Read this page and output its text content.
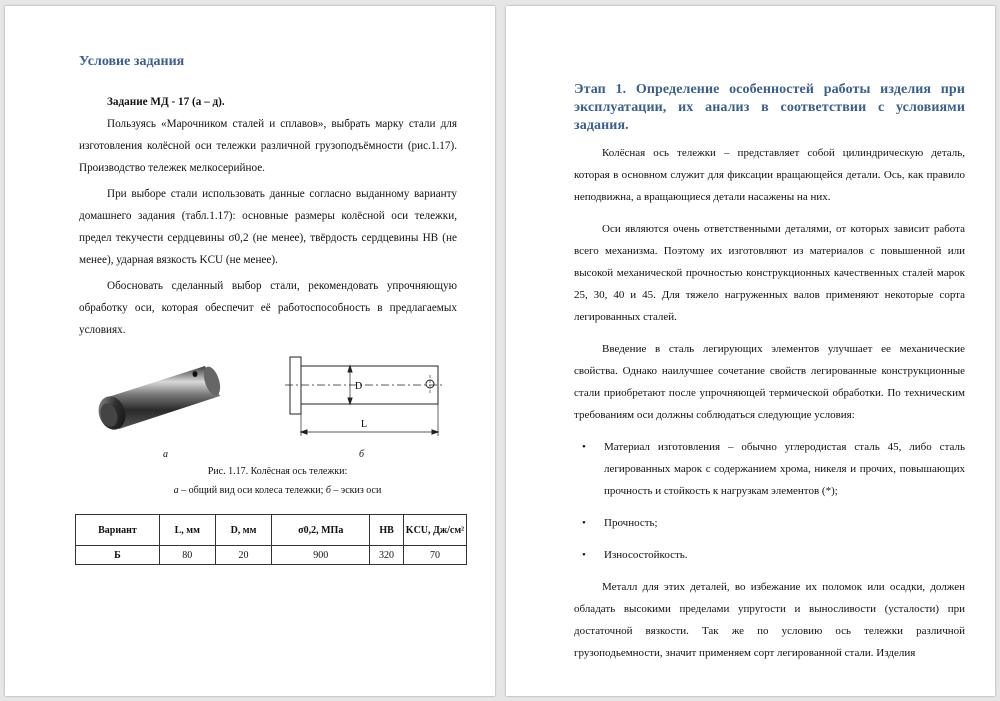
Условие задания
Задание МД - 17 (а – д).

Пользуясь «Марочником сталей и сплавов», выбрать марку стали для изготовления колёсной оси тележки различной грузоподъёмности (рис.1.17). Производство тележек мелкосерийное.

При выборе стали использовать данные согласно выданному варианту домашнего задания (табл.1.17): основные размеры колёсной оси тележки, предел текучести сердцевины σ0,2 (не менее), твёрдость сердцевины HB (не менее), ударная вязкость KCU (не менее).

Обосновать сделанный выбор стали, рекомендовать упрочняющую обработку оси, которая обеспечит её работоспособность в предлагаемых условиях.

D
L
а	б
Рис. 1.17. Колёсная ось тележки:
а – общий вид оси колеса тележки; б – эскиз оси
Вариант	L, мм	D, мм	σ0,2, МПа	HB	KCU, Дж/см²
Б	80	20	900	320	70
Этап 1. Определение особенностей работы изделия при эксплуатации, их анализ в соответствии с условиями задания.

Колёсная ось тележки – представляет собой цилиндрическую деталь, которая в основном служит для фиксации вращающейся детали. Ось, как правило неподвижна, а вращающиеся детали насажены на них.

Оси являются очень ответственными деталями, от которых зависит работа всего механизма. Поэтому их изготовляют из материалов с повышенной или высокой механической прочностью конструкционных качественных сталей марок 25, 30, 40 и 45. Для тяжело нагруженных валов применяют некоторые сорта легированных сталей.

Введение в сталь легирующих элементов улучшает ее механические свойства. Однако наилучшее сочетание свойств легированные конструкционные стали приобретают после упрочняющей термической обработки. По техническим требованиям оси должны соблюдаться следующие условия:

• Материал изготовления – обычно углеродистая сталь 45, либо сталь легированных марок с содержанием хрома, никеля и прочих, повышающих прочность и стойкость к нагрузкам элементов (*);
• Прочность;
• Износостойкость.

Металл для этих деталей, во избежание их поломок или осадки, должен обладать высокими пределами упругости и выносливости (усталости) при достаточной вязкости. Так же по условию ось тележки различной грузоподьемности, значит применяем сорт легированной стали. Изделия
